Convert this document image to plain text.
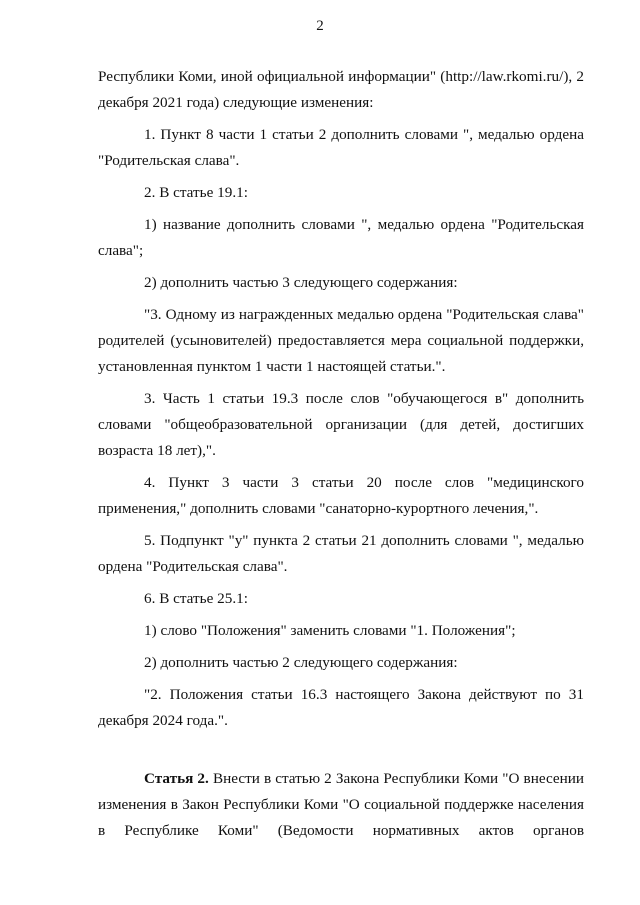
2

Республики Коми, иной официальной информации" (http://law.rkomi.ru/), 2 декабря 2021 года) следующие изменения:

1. Пункт 8 части 1 статьи 2 дополнить словами ", медалью ордена "Родительская слава".

2. В статье 19.1:

1) название дополнить словами ", медалью ордена "Родительская слава";

2) дополнить частью 3 следующего содержания:

"3. Одному из награжденных медалью ордена "Родительская слава" родителей (усыновителей) предоставляется мера социальной поддержки, установленная пунктом 1 части 1 настоящей статьи.".

3. Часть 1 статьи 19.3 после слов "обучающегося в" дополнить словами "общеобразовательной организации (для детей, достигших возраста 18 лет),".

4. Пункт 3 части 3 статьи 20 после слов "медицинского применения," дополнить словами "санаторно-курортного лечения,".

5. Подпункт "у" пункта 2 статьи 21 дополнить словами ", медалью ордена "Родительская слава".

6. В статье 25.1:

1) слово "Положения" заменить словами "1. Положения";

2) дополнить частью 2 следующего содержания:

"2. Положения статьи 16.3 настоящего Закона действуют по 31 декабря 2024 года.".

Статья 2. Внести в статью 2 Закона Республики Коми "О внесении изменения в Закон Республики Коми "О социальной поддержке населения в Республике Коми" (Ведомости нормативных актов органов
